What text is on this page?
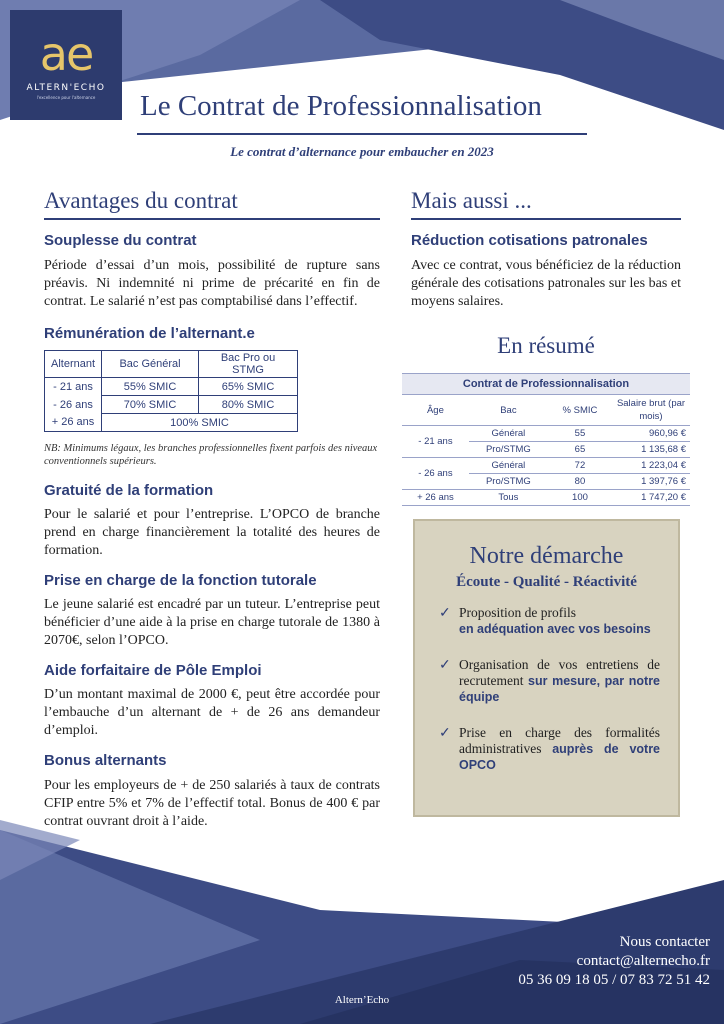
ae
ALTERN'ECHO
l'excellence pour l'alternance Le Contrat de Professionnalisation
Le contrat d’alternance pour embaucher en 2023
Avantages du contrat
Souplesse du contrat

Période d’essai d’un mois, possibilité de rupture sans préavis. Ni indemnité ni prime de précarité en fin de contrat. Le salarié n’est pas comptabilisé dans l’effectif.

Rémunération de l’alternant.e
Alternant	Bac Général	Bac Pro ou STMG
- 21 ans	55% SMIC	65% SMIC
- 26 ans	70% SMIC	80% SMIC
+ 26 ans	100% SMIC	

NB: Minimums légaux, les branches professionnelles fixent parfois des niveaux conventionnels supérieurs.

Gratuité de la formation

Pour le salarié et pour l’entreprise. L’OPCO de branche prend en charge financièrement la totalité des heures de formation.

Prise en charge de la fonction tutorale

Le jeune salarié est encadré par un tuteur. L’entreprise peut bénéficier d’une aide à la prise en charge tutorale de 1380 à 2070€, selon l’OPCO.

Aide forfaitaire de Pôle Emploi

D’un montant maximal de 2000 €, peut être accordée pour l’embauche d’un alternant de + de 26 ans demandeur d’emploi.

Bonus alternants

Pour les employeurs de + de 250 salariés à taux de contrats CFIP entre 5% et 7% de l’effectif total. Bonus de 400 € par contrat ouvrant droit à l’aide.

Mais aussi ...
Réduction cotisations patronales

Avec ce contrat, vous bénéficiez de la réduction générale des cotisations patronales sur les bas et moyens salaires.

En résumé
Contrat de Professionnalisation			
Âge	Bac	% SMIC	Salaire brut (par mois)
- 21 ans	Général	55	960,96 €
	Pro/STMG	65	1 135,68 €
- 26 ans	Général	72	1 223,04 €
	Pro/STMG	80	1 397,76 €
+ 26 ans	Tous	100	1 747,20 €
Notre démarche

Écoute - Qualité - Réactivité

✓ Proposition de profils
en adéquation avec vos besoins
✓ Organisation de vos entretiens de recrutement sur mesure, par notre équipe
✓ Prise en charge des formalités administratives auprès de votre OPCO
Nous contacter
contact@alternecho.fr
05 36 09 18 05 / 07 83 72 51 42
Altern’Echo
